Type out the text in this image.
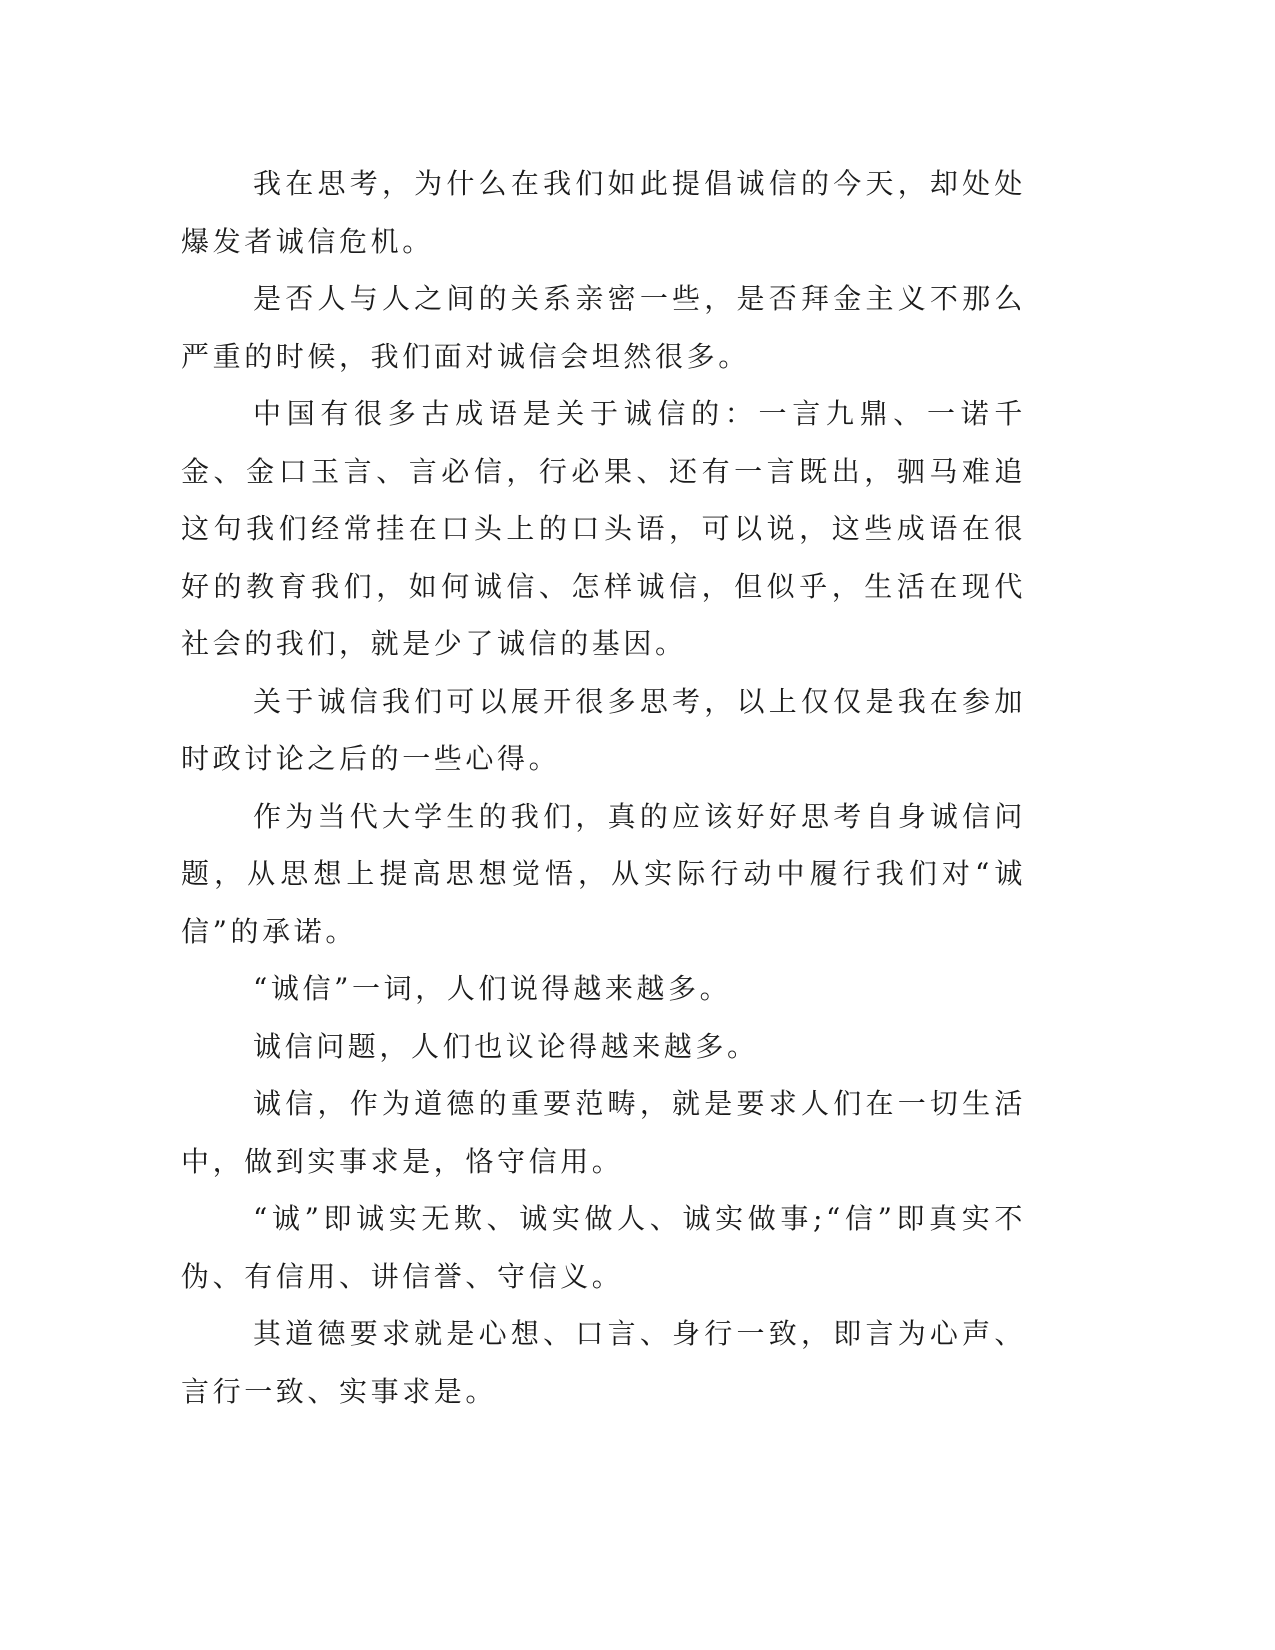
我在思考，为什么在我们如此提倡诚信的今天，却处处爆发者诚信危机。

是否人与人之间的关系亲密一些，是否拜金主义不那么严重的时候，我们面对诚信会坦然很多。

中国有很多古成语是关于诚信的：一言九鼎、一诺千金、金口玉言、言必信，行必果、还有一言既出，驷马难追这句我们经常挂在口头上的口头语，可以说，这些成语在很好的教育我们，如何诚信、怎样诚信，但似乎，生活在现代社会的我们，就是少了诚信的基因。

关于诚信我们可以展开很多思考，以上仅仅是我在参加时政讨论之后的一些心得。

作为当代大学生的我们，真的应该好好思考自身诚信问题，从思想上提高思想觉悟，从实际行动中履行我们对“诚信”的承诺。

“诚信”一词，人们说得越来越多。

诚信问题，人们也议论得越来越多。

诚信，作为道德的重要范畴，就是要求人们在一切生活中，做到实事求是，恪守信用。

“诚”即诚实无欺、诚实做人、诚实做事;“信”即真实不伪、有信用、讲信誉、守信义。

其道德要求就是心想、口言、身行一致，即言为心声、言行一致、实事求是。
